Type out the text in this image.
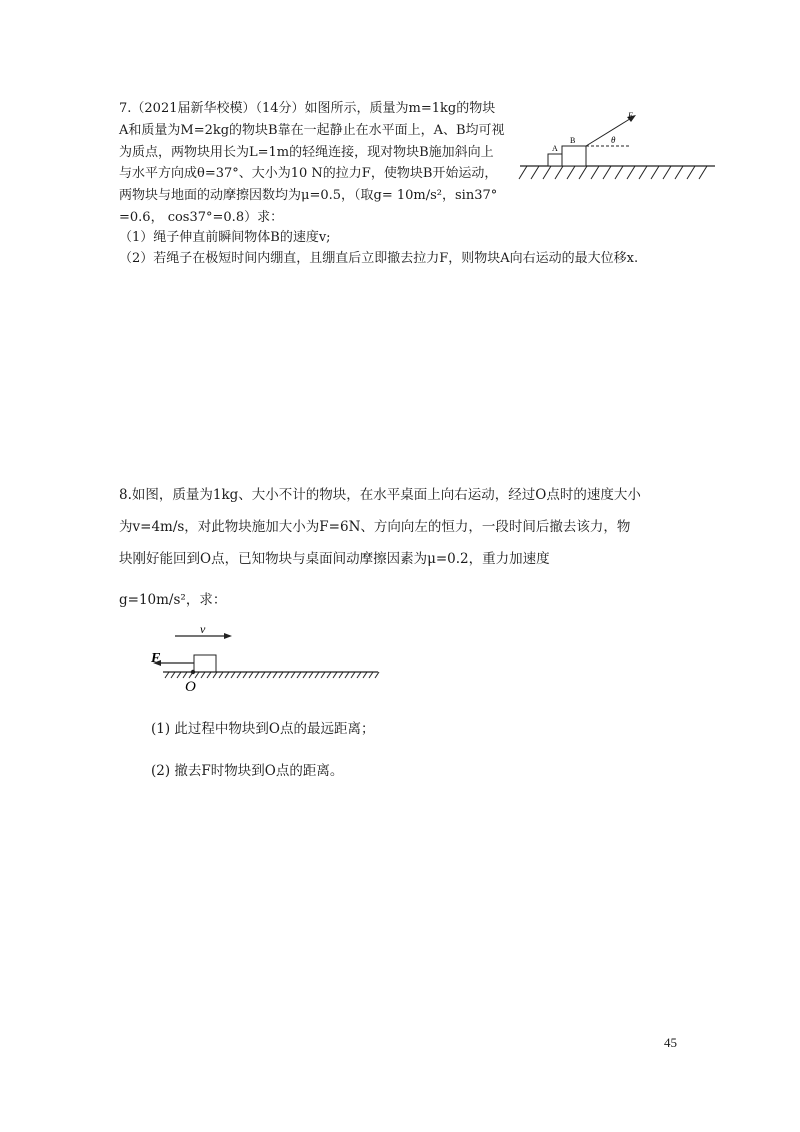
7.（2021届新华校模）（14分）如图所示，质量为m=1kg的物块
A和质量为M=2kg的物块B靠在一起静止在水平面上，A、B均可视
为质点，两物块用长为L=1m的轻绳连接，现对物块B施加斜向上
与水平方向成θ=37°、大小为10 N的拉力F，使物块B开始运动，
两物块与地面的动摩擦因数均为μ=0.5，（取g= 10m/s²，sin37°
=0.6， cos37°=0.8）求：
（1）绳子伸直前瞬间物体B的速度v;
（2）若绳子在极短时间内绷直，且绷直后立即撤去拉力F，则物块A向右运动的最大位移x.
A
B
F
θ
8.如图，质量为1kg、大小不计的物块，在水平桌面上向右运动，经过O点时的速度大小
为v=4m/s，对此物块施加大小为F=6N、方向向左的恒力，一段时间后撤去该力，物
块刚好能回到O点，已知物块与桌面间动摩擦因素为μ=0.2，重力加速度
g=10m/s²，求：
v
F
O
(1) 此过程中物块到O点的最远距离；
(2) 撤去F时物块到O点的距离。
45
